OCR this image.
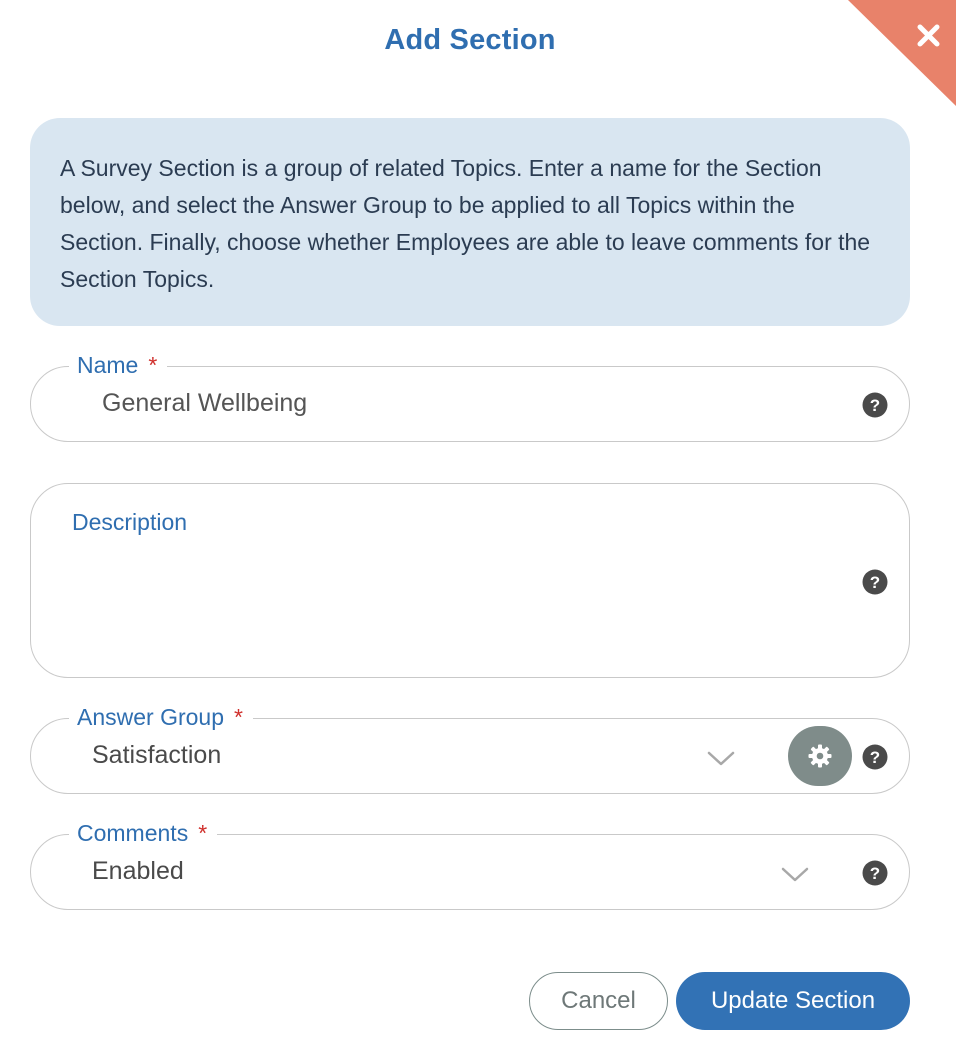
Add Section
A Survey Section is a group of related Topics. Enter a name for the Section below, and select the Answer Group to be applied to all Topics within the Section. Finally, choose whether Employees are able to leave comments for the Section Topics.
Name *
General Wellbeing	?
Description
?
Answer Group *
Satisfaction	?
Comments *
Enabled	?
Cancel	Update Section
